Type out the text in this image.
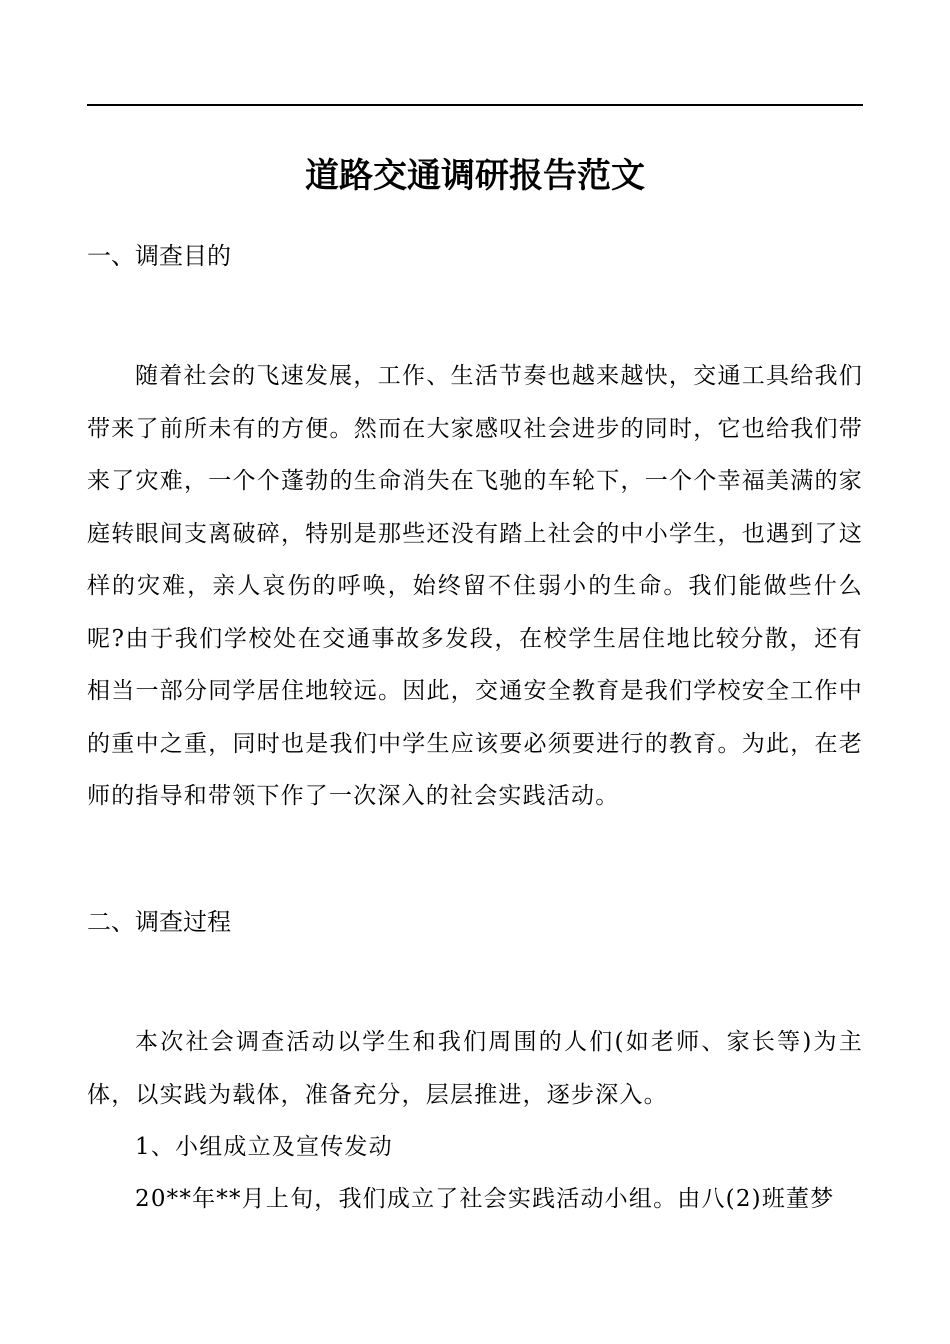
道路交通调研报告范文
一、调查目的

随着社会的飞速发展，工作、生活节奏也越来越快，交通工具给我们带来了前所未有的方便。然而在大家感叹社会进步的同时，它也给我们带来了灾难，一个个蓬勃的生命消失在飞驰的车轮下，一个个幸福美满的家庭转眼间支离破碎，特别是那些还没有踏上社会的中小学生，也遇到了这样的灾难，亲人哀伤的呼唤，始终留不住弱小的生命。我们能做些什么呢?由于我们学校处在交通事故多发段，在校学生居住地比较分散，还有相当一部分同学居住地较远。因此，交通安全教育是我们学校安全工作中的重中之重，同时也是我们中学生应该要必须要进行的教育。为此，在老师的指导和带领下作了一次深入的社会实践活动。

二、调查过程

本次社会调查活动以学生和我们周围的人们(如老师、家长等)为主体，以实践为载体，准备充分，层层推进，逐步深入。

1、小组成立及宣传发动

20**年**月上旬，我们成立了社会实践活动小组。由八(2)班董梦
